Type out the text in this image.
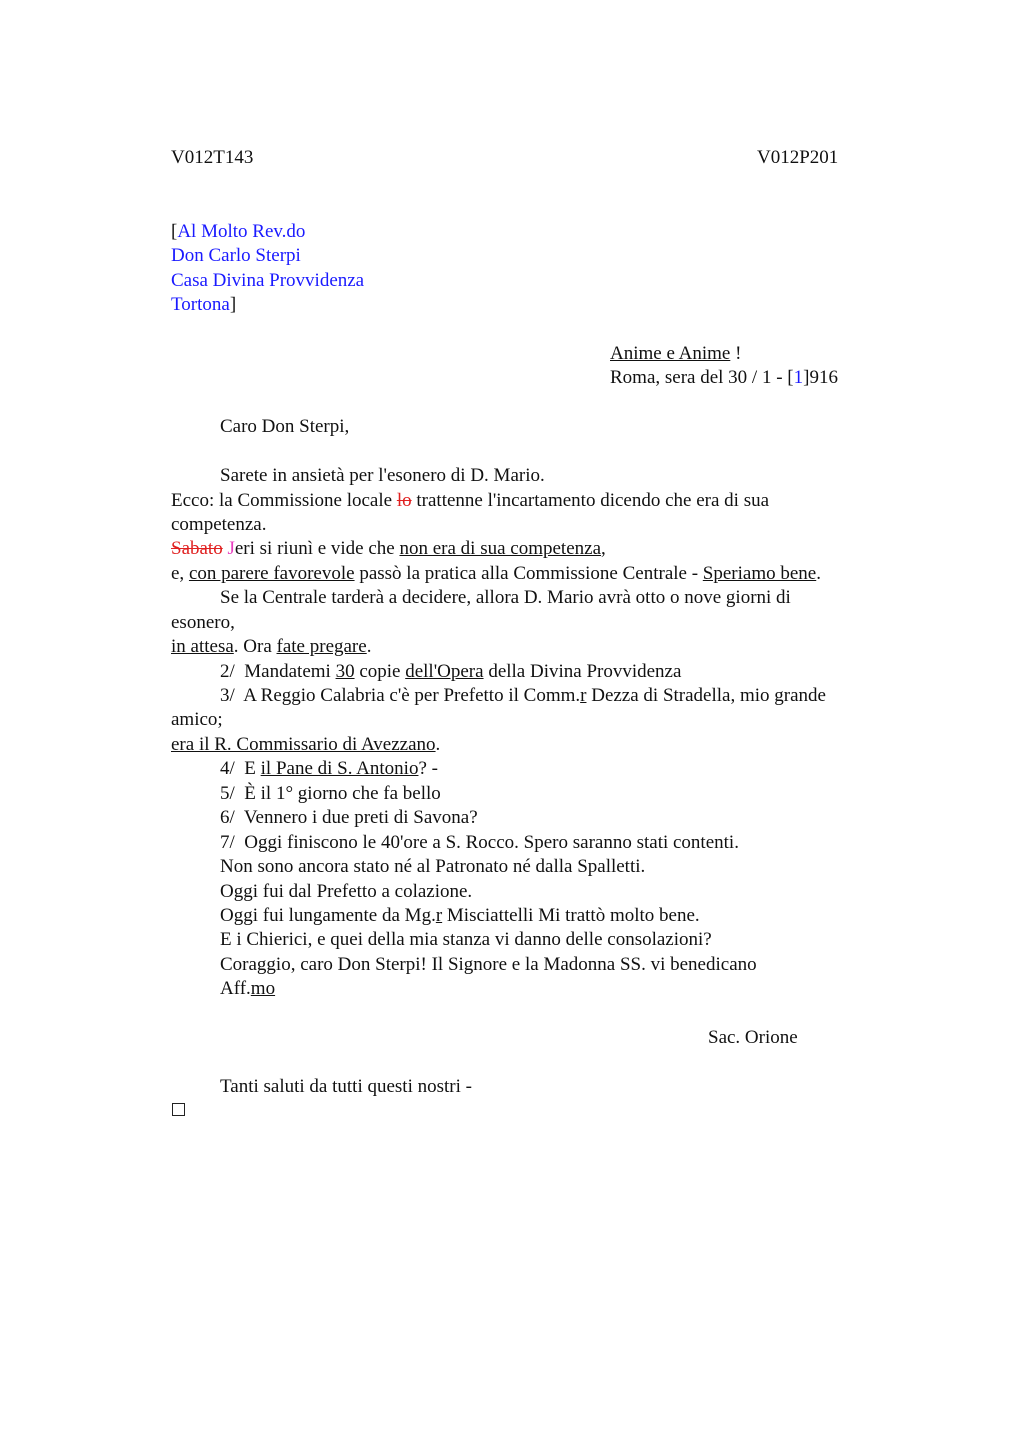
V012T143	V012P201
[Al Molto Rev.do
Don Carlo Sterpi
Casa Divina Provvidenza
Tortona]
Anime e Anime !
Roma, sera del 30 / 1 - [1]916
Caro Don Sterpi,
Sarete in ansietà per l'esonero di D. Mario.
Ecco: la Commissione locale lo trattenne l'incartamento dicendo che era di sua
competenza.
Sabato Jeri si riunì e vide che non era di sua competenza,
e, con parere favorevole passò la pratica alla Commissione Centrale - Speriamo bene.
Se la Centrale tarderà a decidere, allora D. Mario avrà otto o nove giorni di
esonero,
in attesa. Ora fate pregare.
2/  Mandatemi 30 copie dell'Opera della Divina Provvidenza
3/  A Reggio Calabria c'è per Prefetto il Comm.r Dezza di Stradella, mio grande
amico;
era il R. Commissario di Avezzano.
4/  E il Pane di S. Antonio? -
5/  È il 1° giorno che fa bello
6/  Vennero i due preti di Savona?
7/  Oggi finiscono le 40'ore a S. Rocco. Spero saranno stati contenti.
Non sono ancora stato né al Patronato né dalla Spalletti.
Oggi fui dal Prefetto a colazione.
Oggi fui lungamente da Mg.r Misciattelli Mi trattò molto bene.
E i Chierici, e quei della mia stanza vi danno delle consolazioni?
Coraggio, caro Don Sterpi! Il Signore e la Madonna SS. vi benedicano
Aff.mo
Sac. Orione
Tanti saluti da tutti questi nostri -
